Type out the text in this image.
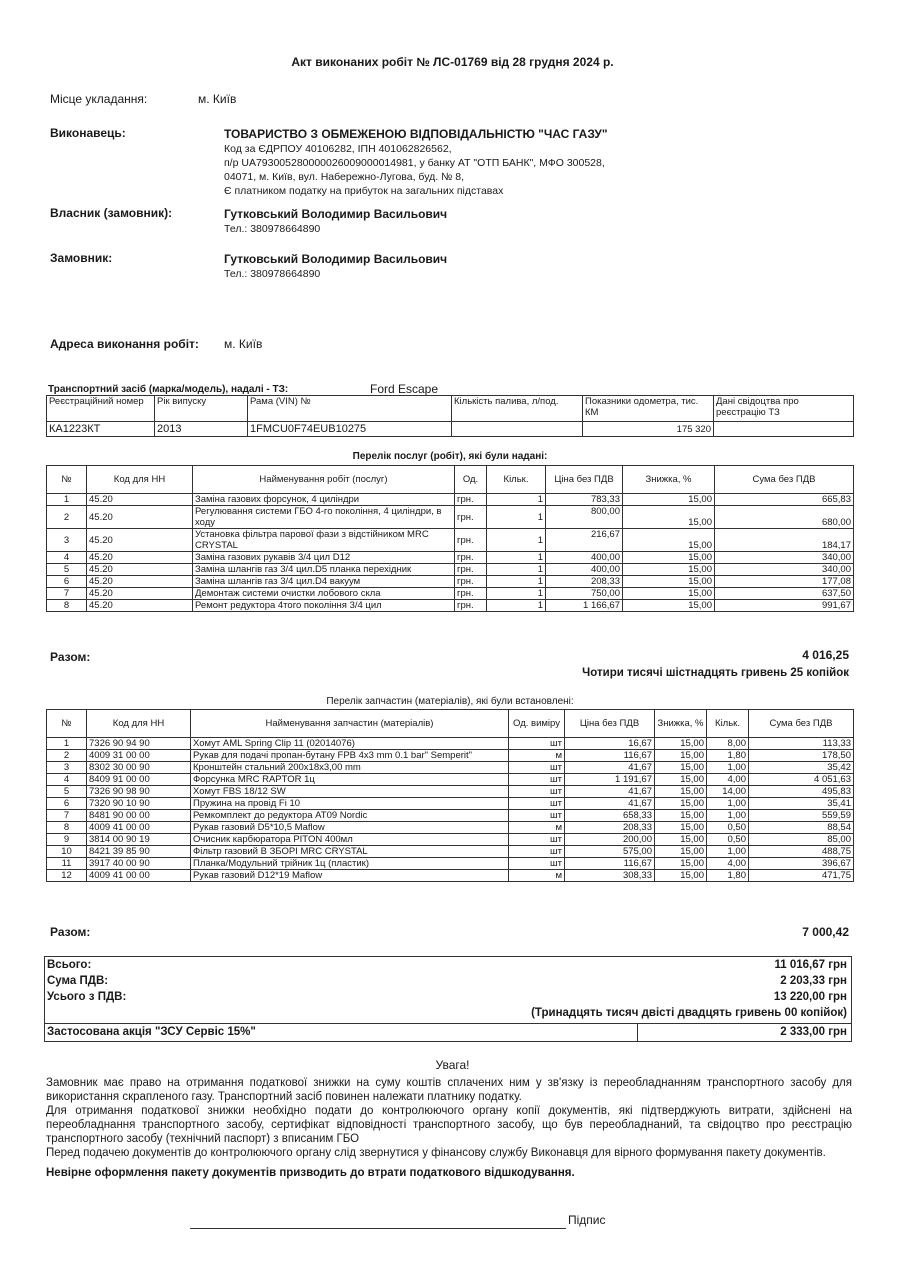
Акт виконаних робіт № ЛС-01769 від 28 грудня 2024 р.
Місце укладання:	м. Київ
Виконавець:	ТОВАРИСТВО З ОБМЕЖЕНОЮ ВІДПОВІДАЛЬНІСТЮ "ЧАС ГАЗУ"
Код за ЄДРПОУ 40106282, ІПН 401062826562,
п/р UA793005280000026009000014981, у банку АТ "ОТП БАНК", МФО 300528,
04071, м. Київ, вул. Набережно-Лугова, буд. № 8,
Є платником податку на прибуток на загальних підставах
Власник (замовник):	Гутковський Володимир Васильович
Тел.: 380978664890
Замовник:	Гутковський Володимир Васильович
Тел.: 380978664890
Адреса виконання робіт: м. Київ
Транспортний засіб (марка/модель), надалі - ТЗ:	Ford Escape
Реєстраційний номер	Рік випуску	Рама (VIN) №	Кількість палива, л/под.	Показники одометра, тис. КМ	Дані свідоцтва про реєстрацію ТЗ
КА1223КТ	2013	1FMCU0F74EUB10275		175 320	
Перелік послуг (робіт), які були надані:
№	Код для НН	Найменування робіт (послуг)	Од.	Кільк.	Ціна без ПДВ	Знижка, %	Сума без ПДВ
1	45.20	Заміна газових форсунок, 4 циліндри	грн.	1	783,33	15,00	665,83
2	45.20	Регулювання системи ГБО 4-го покоління, 4 циліндри, в ходу	грн.	1	800,00	15,00	680,00
3	45.20	Установка фільтра парової фази з відстійником MRC CRYSTAL	грн.	1	216,67	15,00	184,17
4	45.20	Заміна газових рукавів 3/4 цил D12	грн.	1	400,00	15,00	340,00
5	45.20	Заміна шлангів газ 3/4 цил.D5 планка перехідник	грн.	1	400,00	15,00	340,00
6	45.20	Заміна шлангів газ 3/4 цил.D4 вакуум	грн.	1	208,33	15,00	177,08
7	45.20	Демонтаж системи очистки лобового скла	грн.	1	750,00	15,00	637,50
8	45.20	Ремонт редуктора 4того покоління 3/4 цил	грн.	1	1 166,67	15,00	991,67
Разом:	4 016,25
Чотири тисячі шістнадцять гривень 25 копійок
Перелік запчастин (матеріалів), які були встановлені:
№	Код для НН	Найменування запчастин (матеріалів)	Од. виміру	Ціна без ПДВ	Знижка, %	Кільк.	Сума без ПДВ
1	7326 90 94 90	Хомут AML Spring Clip 11 (02014076)	шт	16,67	15,00	8,00	113,33
2	4009 31 00 00	Рукав для подачі пропан-бутану FPB 4x3 mm 0.1 bar" Semperit"	м	116,67	15,00	1,80	178,50
3	8302 30 00 90	Кронштейн стальний 200x18x3,00 mm	шт	41,67	15,00	1,00	35,42
4	8409 91 00 00	Форсунка MRC RAPTOR 1ц	шт	1 191,67	15,00	4,00	4 051,63
5	7326 90 98 90	Хомут FBS 18/12 SW	шт	41,67	15,00	14,00	495,83
6	7320 90 10 90	Пружина на провід Fi 10	шт	41,67	15,00	1,00	35,41
7	8481 90 00 00	Ремкомплект до редуктора AT09 Nordic	шт	658,33	15,00	1,00	559,59
8	4009 41 00 00	Рукав газовий D5*10,5 Maflow	м	208,33	15,00	0,50	88,54
9	3814 00 90 19	Очисник карбюратора PITON 400мл	шт	200,00	15,00	0,50	85,00
10	8421 39 85 90	Фільтр газовий В ЗБОРІ MRC CRYSTAL	шт	575,00	15,00	1,00	488,75
11	3917 40 00 90	Планка/Модульний трійник 1ц (пластик)	шт	116,67	15,00	4,00	396,67
12	4009 41 00 00	Рукав газовий D12*19 Maflow	м	308,33	15,00	1,80	471,75
Разом:	7 000,42
Всього:	11 016,67 грн
Сума ПДВ:	2 203,33 грн
Усього з ПДВ:	13 220,00 грн
(Тринадцять тисяч двісті двадцять гривень 00 копійок)
Застосована акція "ЗСУ Сервіс 15%"	2 333,00 грн
Увага!
Замовник має право на отримання податкової знижки на суму коштів сплачених ним у зв'язку із переобладнанням транспортного засобу для використання скрапленого газу. Транспортний засіб повинен належати платнику податку.
Для отримання податкової знижки необхідно подати до контролюючого органу копії документів, які підтверджують витрати, здійснені на переобладнання транспортного засобу, сертифікат відповідності транспортного засобу, що був переобладнаний, та свідоцтво про реєстрацію транспортного засобу (технічний паспорт) з вписаним ГБО
Перед подачею документів до контролюючого органу слід звернутися у фінансову службу Виконавця для вірного формування пакету документів.
Невірне оформлення пакету документів призводить до втрати податкового відшкодування.
Підпис
